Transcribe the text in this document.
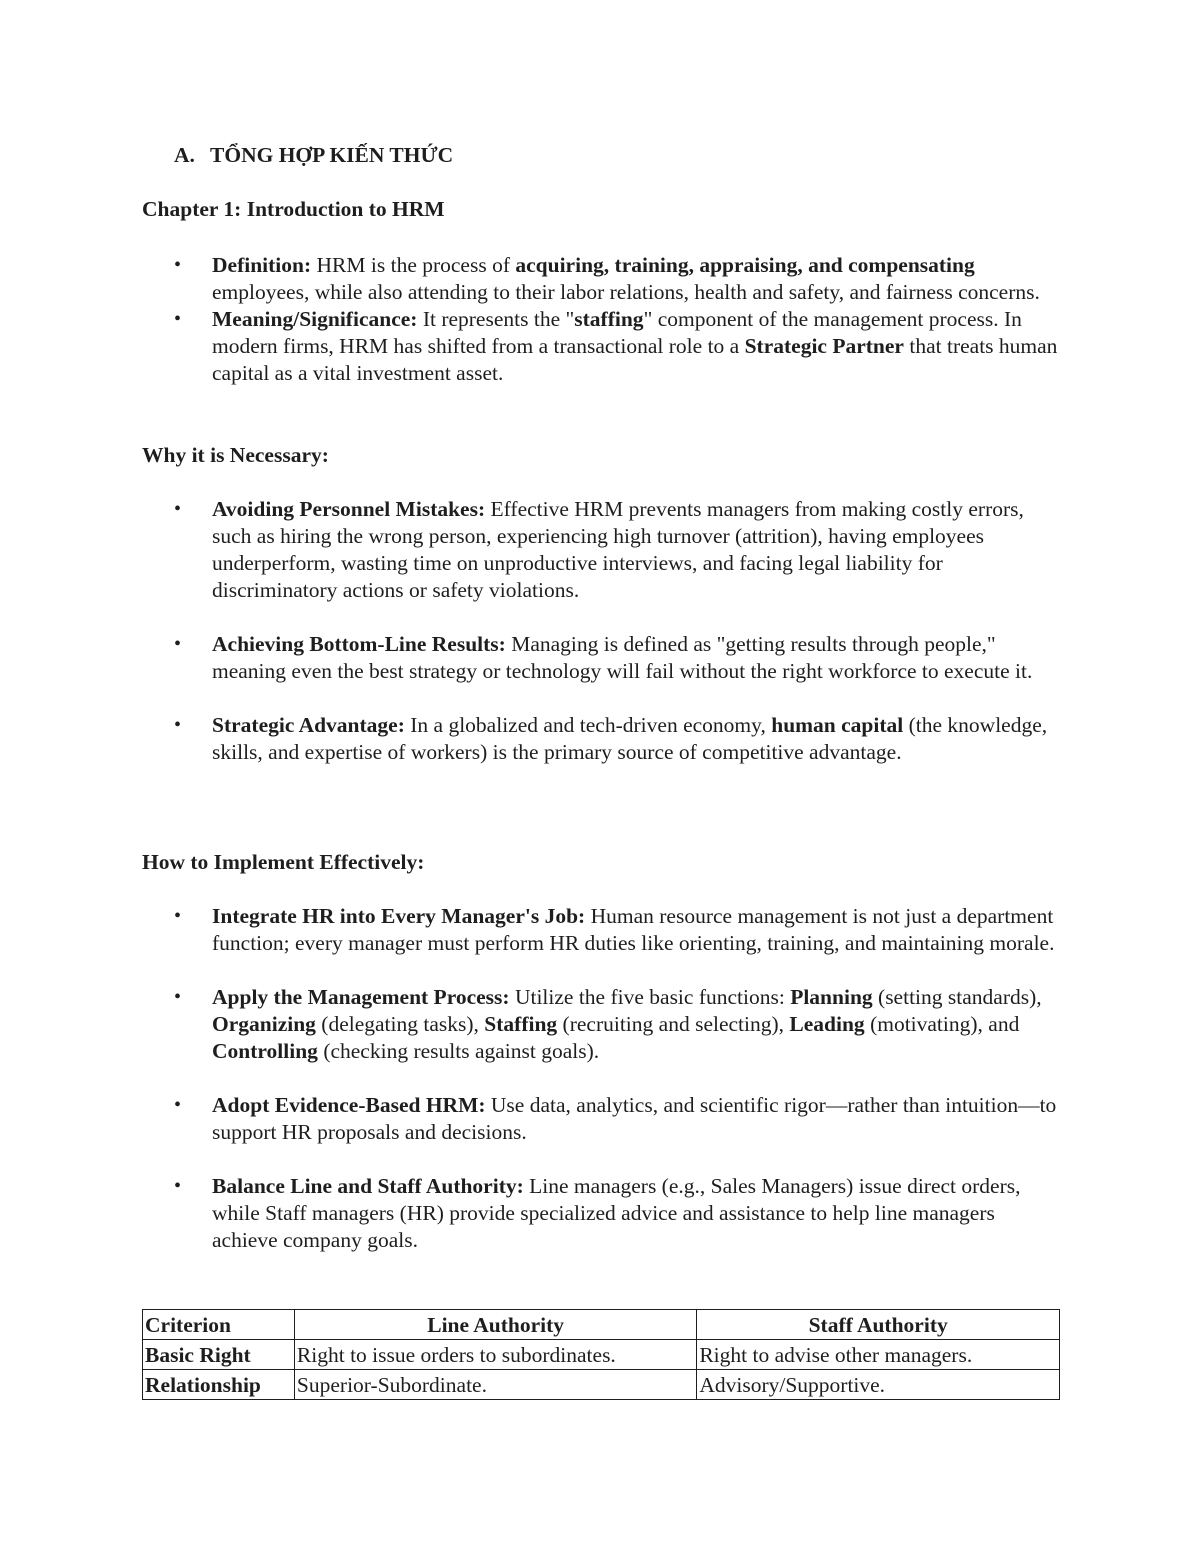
A. TỔNG HỢP KIẾN THỨC
Chapter 1: Introduction to HRM
• Definition: HRM is the process of acquiring, training, appraising, and compensating employees, while also attending to their labor relations, health and safety, and fairness concerns.
• Meaning/Significance: It represents the "staffing" component of the management process. In modern firms, HRM has shifted from a transactional role to a Strategic Partner that treats human capital as a vital investment asset.
Why it is Necessary:
• Avoiding Personnel Mistakes: Effective HRM prevents managers from making costly errors, such as hiring the wrong person, experiencing high turnover (attrition), having employees underperform, wasting time on unproductive interviews, and facing legal liability for discriminatory actions or safety violations.
• Achieving Bottom-Line Results: Managing is defined as "getting results through people," meaning even the best strategy or technology will fail without the right workforce to execute it.
• Strategic Advantage: In a globalized and tech-driven economy, human capital (the knowledge, skills, and expertise of workers) is the primary source of competitive advantage.
How to Implement Effectively:
• Integrate HR into Every Manager's Job: Human resource management is not just a department function; every manager must perform HR duties like orienting, training, and maintaining morale.
• Apply the Management Process: Utilize the five basic functions: Planning (setting standards), Organizing (delegating tasks), Staffing (recruiting and selecting), Leading (motivating), and Controlling (checking results against goals).
• Adopt Evidence-Based HRM: Use data, analytics, and scientific rigor—rather than intuition—to support HR proposals and decisions.
• Balance Line and Staff Authority: Line managers (e.g., Sales Managers) issue direct orders, while Staff managers (HR) provide specialized advice and assistance to help line managers achieve company goals.
Criterion	Line Authority	Staff Authority
Basic Right	Right to issue orders to subordinates.	Right to advise other managers.
Relationship	Superior-Subordinate.	Advisory/Supportive.
